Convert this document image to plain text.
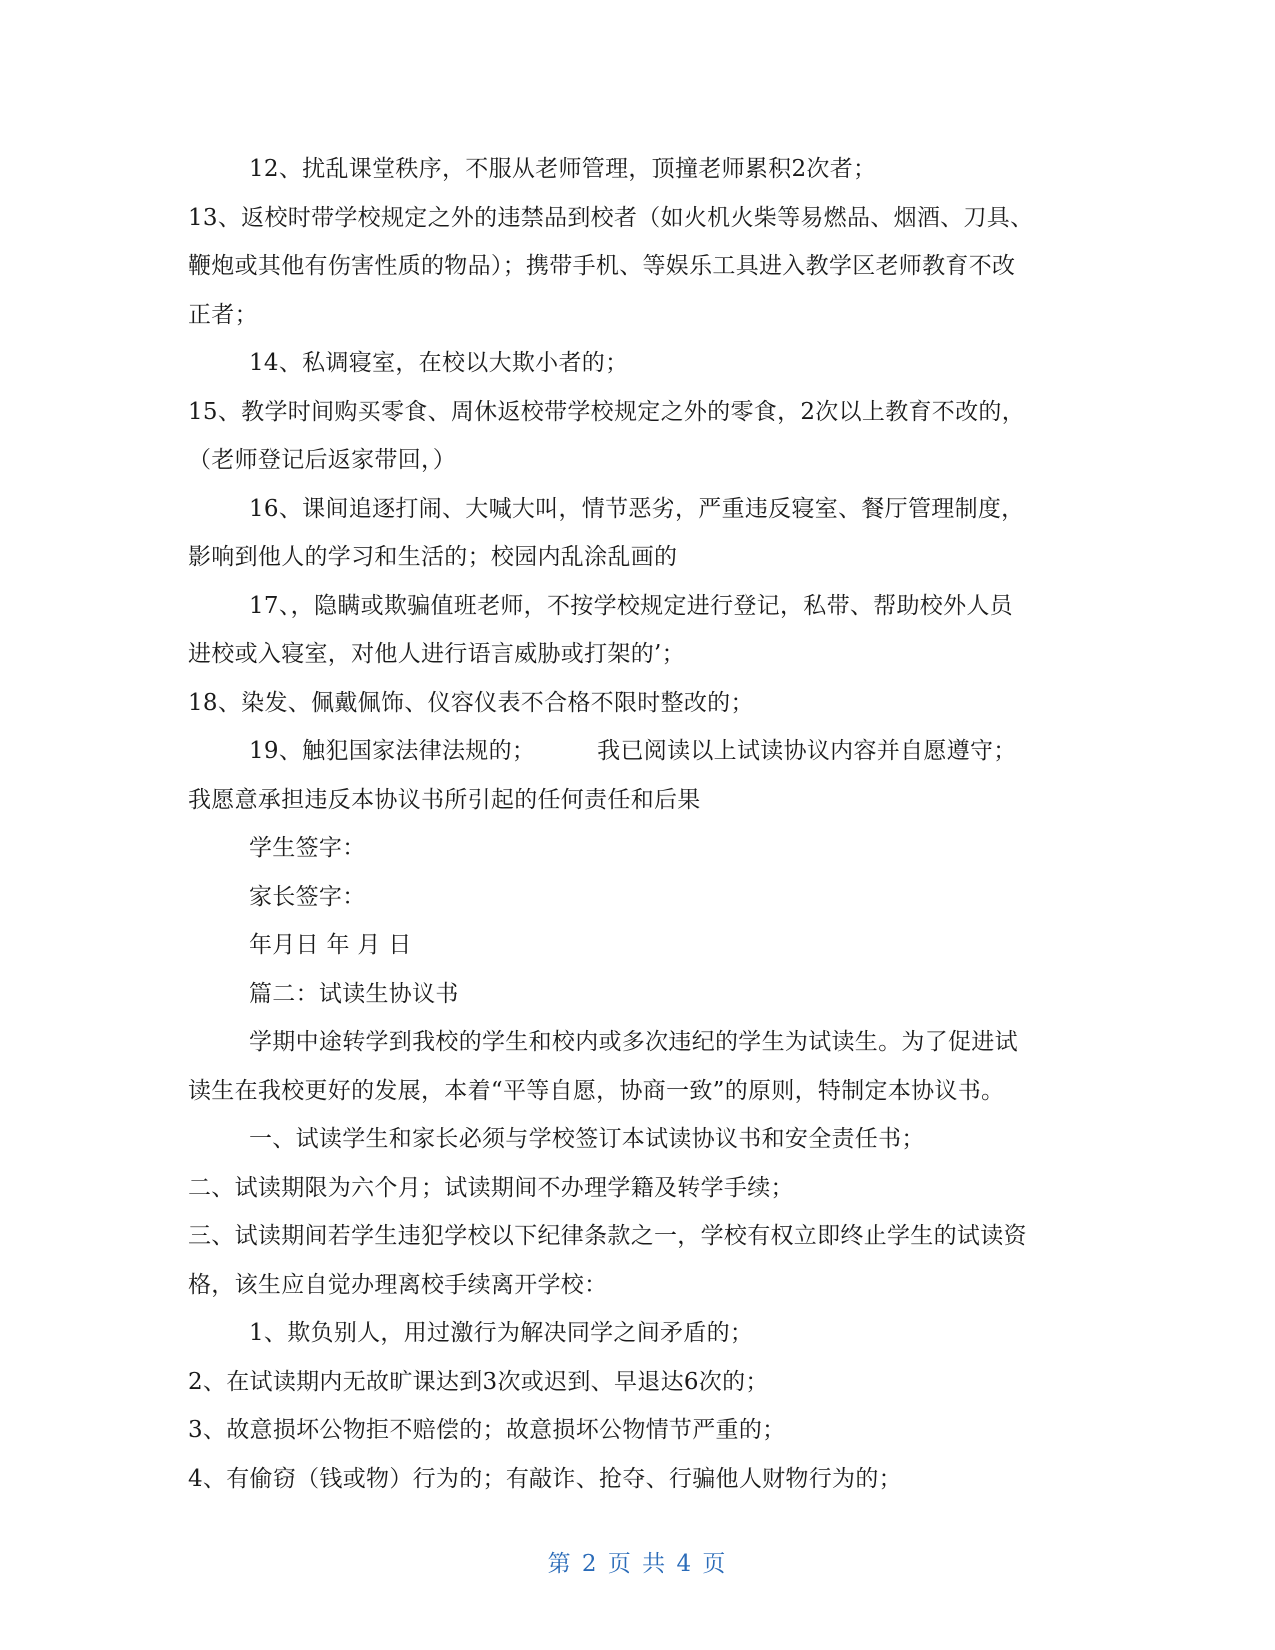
12、扰乱课堂秩序，不服从老师管理，顶撞老师累积2次者；
13、返校时带学校规定之外的违禁品到校者（如火机火柴等易燃品、烟酒、刀具、
鞭炮或其他有伤害性质的物品）；携带手机、等娱乐工具进入教学区老师教育不改
正者；
14、私调寝室，在校以大欺小者的；
15、教学时间购买零食、周休返校带学校规定之外的零食，2次以上教育不改的，
（老师登记后返家带回，）
16、课间追逐打闹、大喊大叫，情节恶劣，严重违反寝室、餐厅管理制度，
影响到他人的学习和生活的；校园内乱涂乱画的
17、，隐瞒或欺骗值班老师，不按学校规定进行登记，私带、帮助校外人员
进校或入寝室，对他人进行语言威胁或打架的’；
18、染发、佩戴佩饰、仪容仪表不合格不限时整改的；
19、触犯国家法律法规的；	我已阅读以上试读协议内容并自愿遵守；
我愿意承担违反本协议书所引起的任何责任和后果
学生签字：
家长签字：
年月日 年 月 日
篇二：试读生协议书
学期中途转学到我校的学生和校内或多次违纪的学生为试读生。为了促进试
读生在我校更好的发展，本着“平等自愿，协商一致”的原则，特制定本协议书。
一、试读学生和家长必须与学校签订本试读协议书和安全责任书；
二、试读期限为六个月；试读期间不办理学籍及转学手续；
三、试读期间若学生违犯学校以下纪律条款之一，学校有权立即终止学生的试读资
格，该生应自觉办理离校手续离开学校：
1、欺负别人，用过激行为解决同学之间矛盾的；
2、在试读期内无故旷课达到3次或迟到、早退达6次的；
3、故意损坏公物拒不赔偿的；故意损坏公物情节严重的；
4、有偷窃（钱或物）行为的；有敲诈、抢夺、行骗他人财物行为的；
第 2 页 共 4 页
